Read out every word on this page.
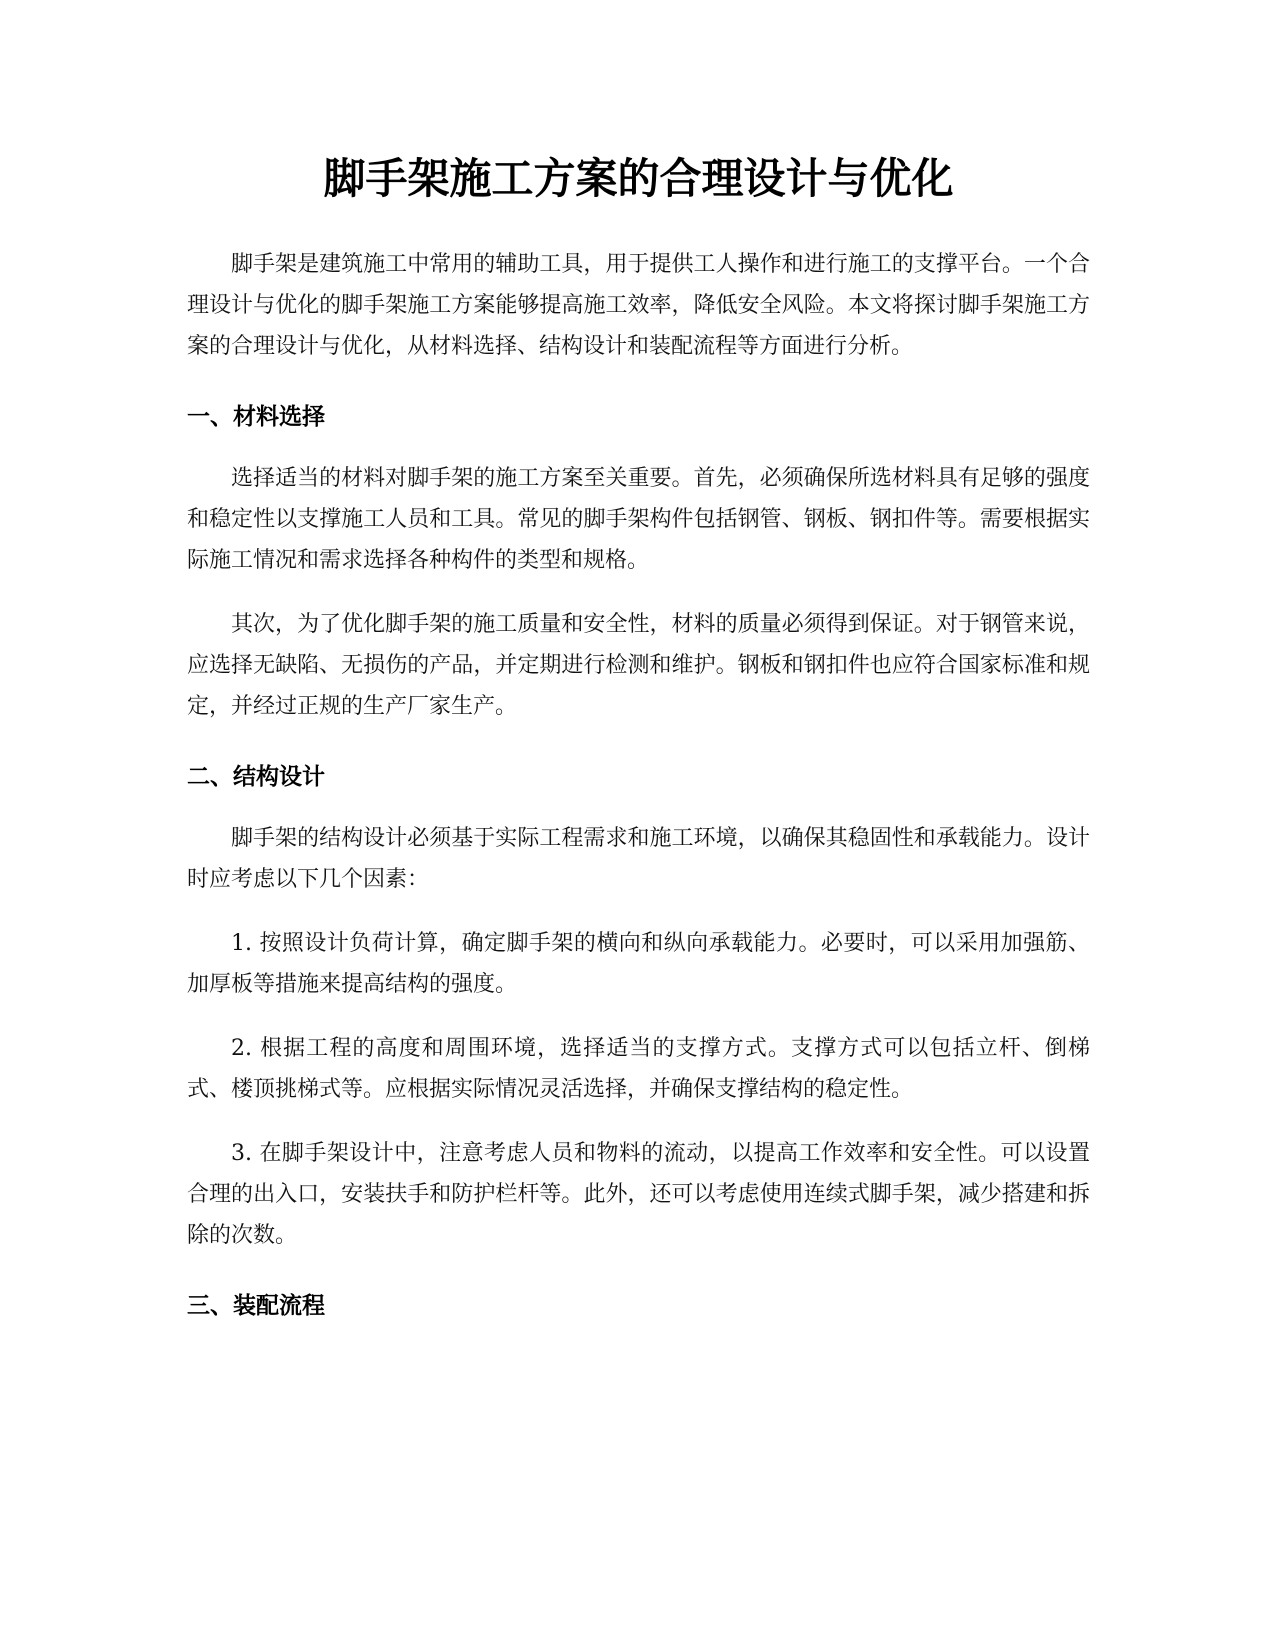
脚手架施工方案的合理设计与优化

脚手架是建筑施工中常用的辅助工具，用于提供工人操作和进行施工的支撑平台。一个合理设计与优化的脚手架施工方案能够提高施工效率，降低安全风险。本文将探讨脚手架施工方案的合理设计与优化，从材料选择、结构设计和装配流程等方面进行分析。

一、材料选择

选择适当的材料对脚手架的施工方案至关重要。首先，必须确保所选材料具有足够的强度和稳定性以支撑施工人员和工具。常见的脚手架构件包括钢管、钢板、钢扣件等。需要根据实际施工情况和需求选择各种构件的类型和规格。

其次，为了优化脚手架的施工质量和安全性，材料的质量必须得到保证。对于钢管来说，应选择无缺陷、无损伤的产品，并定期进行检测和维护。钢板和钢扣件也应符合国家标准和规定，并经过正规的生产厂家生产。

二、结构设计

脚手架的结构设计必须基于实际工程需求和施工环境，以确保其稳固性和承载能力。设计时应考虑以下几个因素：

1. 按照设计负荷计算，确定脚手架的横向和纵向承载能力。必要时，可以采用加强筋、加厚板等措施来提高结构的强度。

2. 根据工程的高度和周围环境，选择适当的支撑方式。支撑方式可以包括立杆、倒梯式、楼顶挑梯式等。应根据实际情况灵活选择，并确保支撑结构的稳定性。

3. 在脚手架设计中，注意考虑人员和物料的流动，以提高工作效率和安全性。可以设置合理的出入口，安装扶手和防护栏杆等。此外，还可以考虑使用连续式脚手架，减少搭建和拆除的次数。

三、装配流程
